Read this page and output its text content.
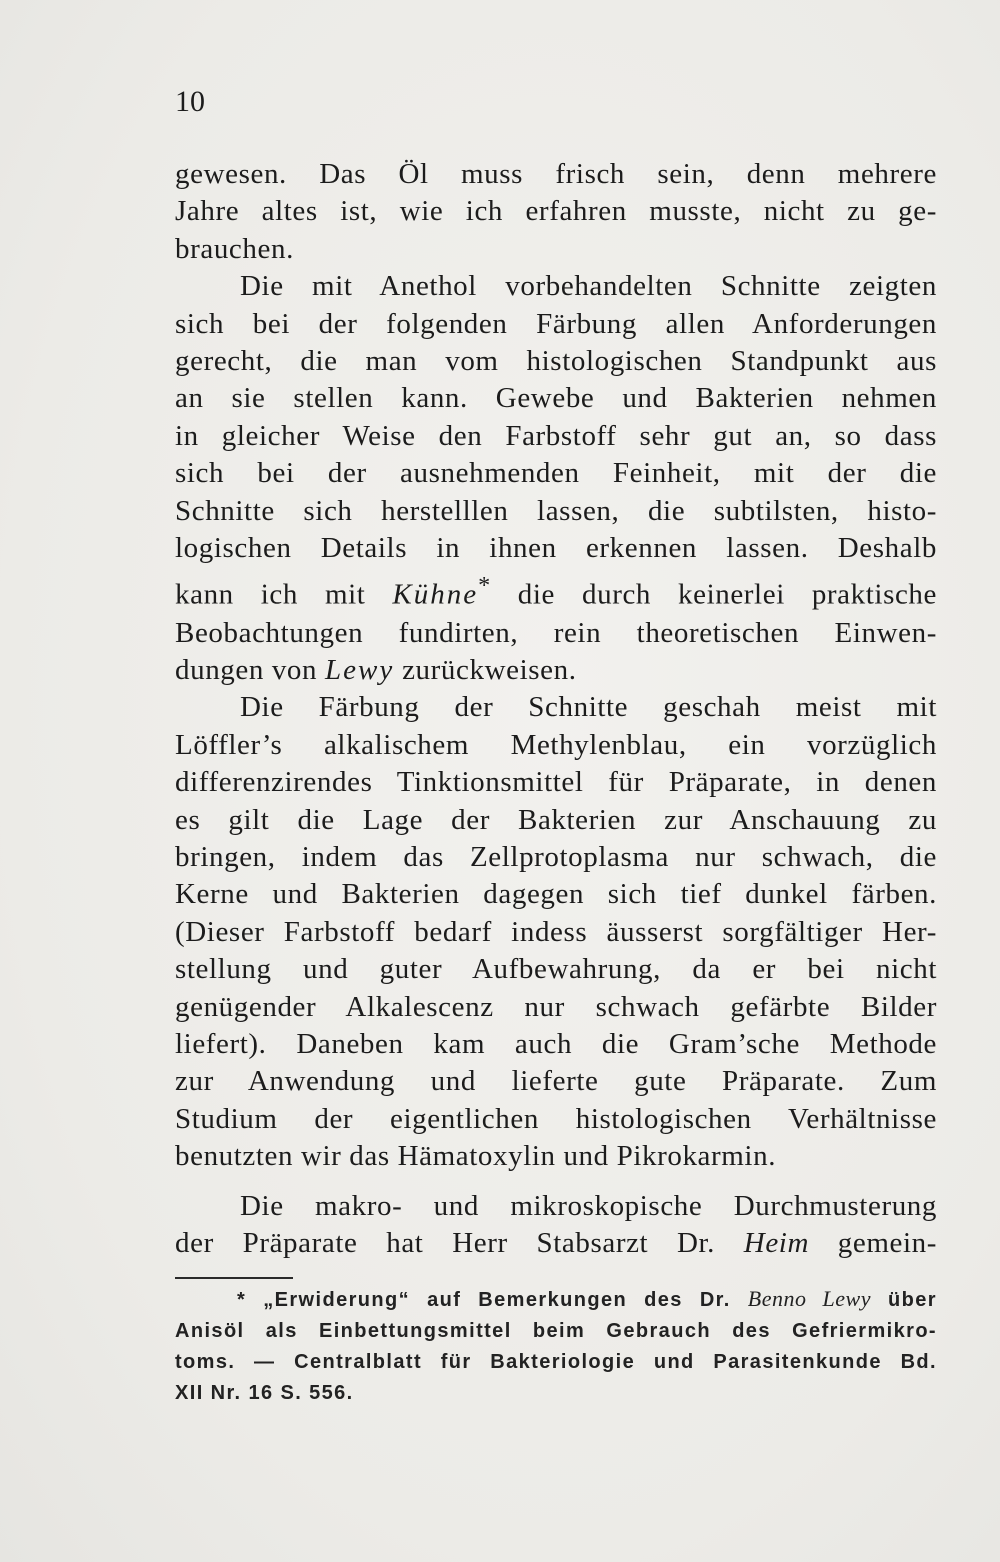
10
gewesen. Das Öl muss frisch sein, denn mehrere
Jahre altes ist, wie ich erfahren musste, nicht zu ge-
brauchen.
Die mit Anethol vorbehandelten Schnitte zeigten
sich bei der folgenden Färbung allen Anforderungen
gerecht, die man vom histologischen Standpunkt aus
an sie stellen kann. Gewebe und Bakterien nehmen
in gleicher Weise den Farbstoff sehr gut an, so dass
sich bei der ausnehmenden Feinheit, mit der die
Schnitte sich herstelllen lassen, die subtilsten, histo-
logischen Details in ihnen erkennen lassen. Deshalb
kann ich mit Kühne* die durch keinerlei praktische
Beobachtungen fundirten, rein theoretischen Einwen-
dungen von Lewy zurückweisen.
Die Färbung der Schnitte geschah meist mit
Löffler’s alkalischem Methylenblau, ein vorzüglich
differenzirendes Tinktionsmittel für Präparate, in denen
es gilt die Lage der Bakterien zur Anschauung zu
bringen, indem das Zellprotoplasma nur schwach, die
Kerne und Bakterien dagegen sich tief dunkel färben.
(Dieser Farbstoff bedarf indess äusserst sorgfältiger Her-
stellung und guter Aufbewahrung, da er bei nicht
genügender Alkalescenz nur schwach gefärbte Bilder
liefert). Daneben kam auch die Gram’sche Methode
zur Anwendung und lieferte gute Präparate. Zum
Studium der eigentlichen histologischen Verhältnisse
benutzten wir das Hämatoxylin und Pikrokarmin.
Die makro- und mikroskopische Durchmusterung
der Präparate hat Herr Stabsarzt Dr. Heim gemein-
* „Erwiderung“ auf Bemerkungen des Dr. Benno Lewy über
Anisöl als Einbettungsmittel beim Gebrauch des Gefriermikro-
toms. — Centralblatt für Bakteriologie und Parasitenkunde Bd.
XII Nr. 16 S. 556.
